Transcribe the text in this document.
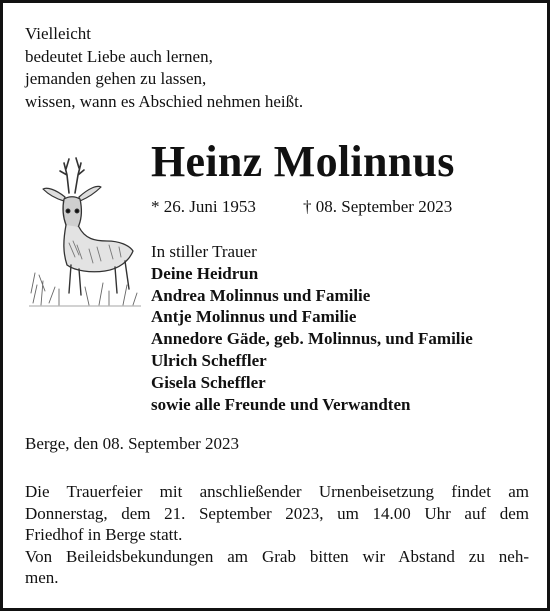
Vielleicht
bedeutet Liebe auch lernen,
jemanden gehen zu lassen,
wissen, wann es Abschied nehmen heißt.
Heinz Molinnus
* 26. Juni 1953	† 08. September 2023
In stiller Trauer
Deine Heidrun
Andrea Molinnus und Familie
Antje Molinnus und Familie
Annedore Gäde, geb. Molinnus, und Familie
Ulrich Scheffler
Gisela Scheffler
sowie alle Freunde und Verwandten
Berge, den 08. September 2023
Die Trauerfeier mit anschließender Urnenbeisetzung findet am
Donnerstag, dem 21. September 2023, um 14.00 Uhr auf dem
Friedhof in Berge statt.
Von Beileidsbekundungen am Grab bitten wir Abstand zu neh-
men.
